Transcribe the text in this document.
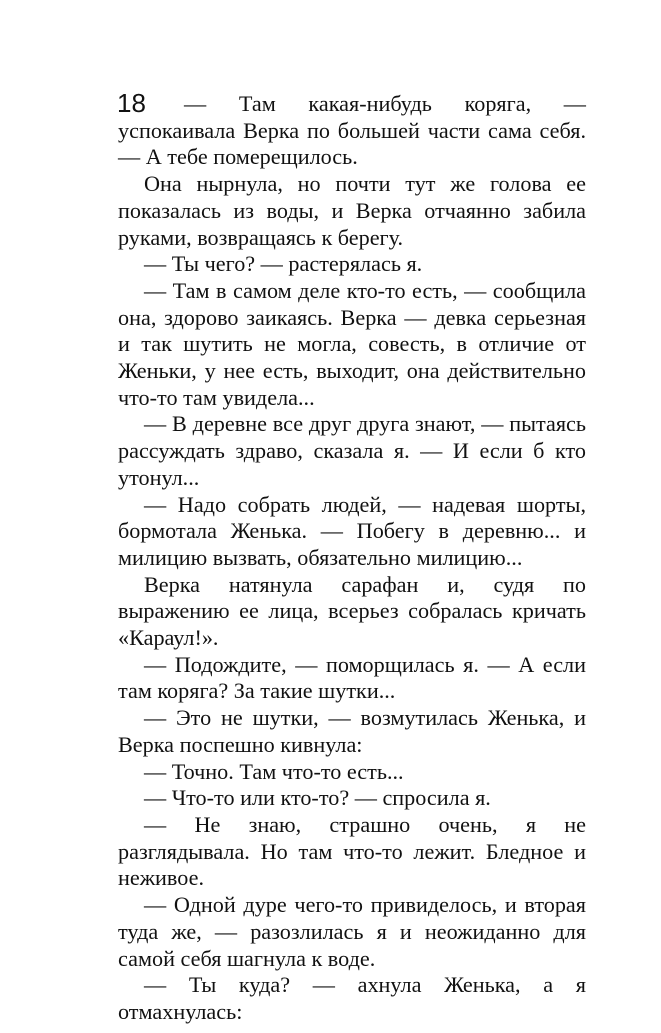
18	— Там какая-нибудь коряга, — успокаивала Верка по большей части сама себя. — А тебе померещилось.

Она нырнула, но почти тут же голова ее показалась из воды, и Верка отчаянно забила руками, возвращаясь к берегу.

— Ты чего? — растерялась я.

— Там в самом деле кто-то есть, — сообщила она, здорово заикаясь. Верка — девка серьезная и так шутить не могла, совесть, в отличие от Женьки, у нее есть, выходит, она действительно что-то там увидела...

— В деревне все друг друга знают, — пытаясь рассуждать здраво, сказала я. — И если б кто утонул...

— Надо собрать людей, — надевая шорты, бормотала Женька. — Побегу в деревню... и милицию вызвать, обязательно милицию...

Верка натянула сарафан и, судя по выражению ее лица, всерьез собралась кричать «Караул!».

— Подождите, — поморщилась я. — А если там коряга? За такие шутки...

— Это не шутки, — возмутилась Женька, и Верка поспешно кивнула:

— Точно. Там что-то есть...

— Что-то или кто-то? — спросила я.

— Не знаю, страшно очень, я не разглядывала. Но там что-то лежит. Бледное и неживое.

— Одной дуре чего-то привиделось, и вторая туда же, — разозлилась я и неожиданно для самой себя шагнула к воде.

— Ты куда? — ахнула Женька, а я отмахнулась:
